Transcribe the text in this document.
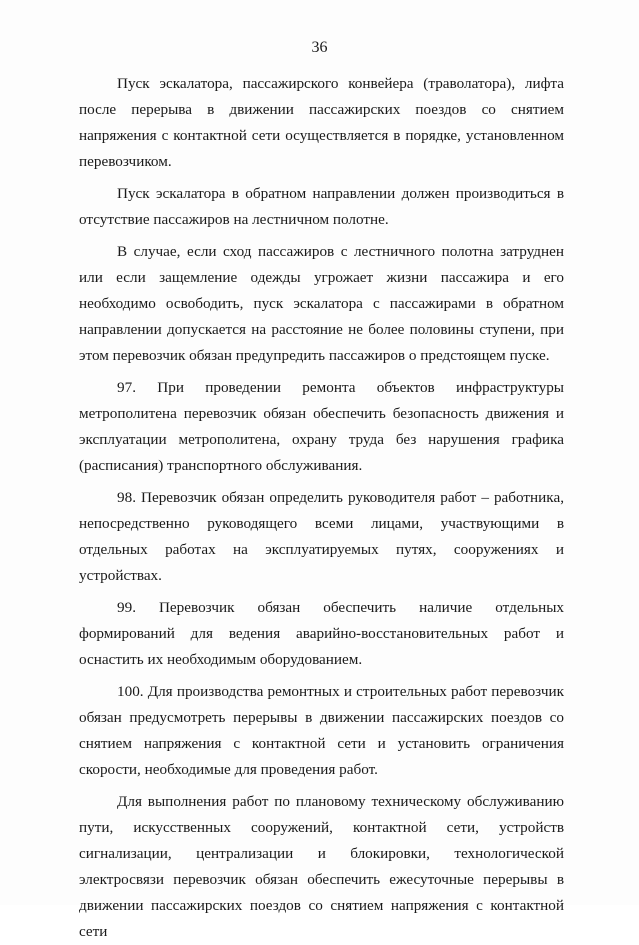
36

Пуск эскалатора, пассажирского конвейера (траволатора), лифта после перерыва в движении пассажирских поездов со снятием напряжения с контактной сети осуществляется в порядке, установленном перевозчиком.

Пуск эскалатора в обратном направлении должен производиться в отсутствие пассажиров на лестничном полотне.

В случае, если сход пассажиров с лестничного полотна затруднен или если защемление одежды угрожает жизни пассажира и его необходимо освободить, пуск эскалатора с пассажирами в обратном направлении допускается на расстояние не более половины ступени, при этом перевозчик обязан предупредить пассажиров о предстоящем пуске.

97. При проведении ремонта объектов инфраструктуры метрополитена перевозчик обязан обеспечить безопасность движения и эксплуатации метрополитена, охрану труда без нарушения графика (расписания) транспортного обслуживания.

98. Перевозчик обязан определить руководителя работ – работника, непосредственно руководящего всеми лицами, участвующими в отдельных работах на эксплуатируемых путях, сооружениях и устройствах.

99. Перевозчик обязан обеспечить наличие отдельных формирований для ведения аварийно-восстановительных работ и оснастить их необходимым оборудованием.

100. Для производства ремонтных и строительных работ перевозчик обязан предусмотреть перерывы в движении пассажирских поездов со снятием напряжения с контактной сети и установить ограничения скорости, необходимые для проведения работ.

Для выполнения работ по плановому техническому обслуживанию пути, искусственных сооружений, контактной сети, устройств сигнализации, централизации и блокировки, технологической электросвязи перевозчик обязан обеспечить ежесуточные перерывы в движении пассажирских поездов со снятием напряжения с контактной сети
